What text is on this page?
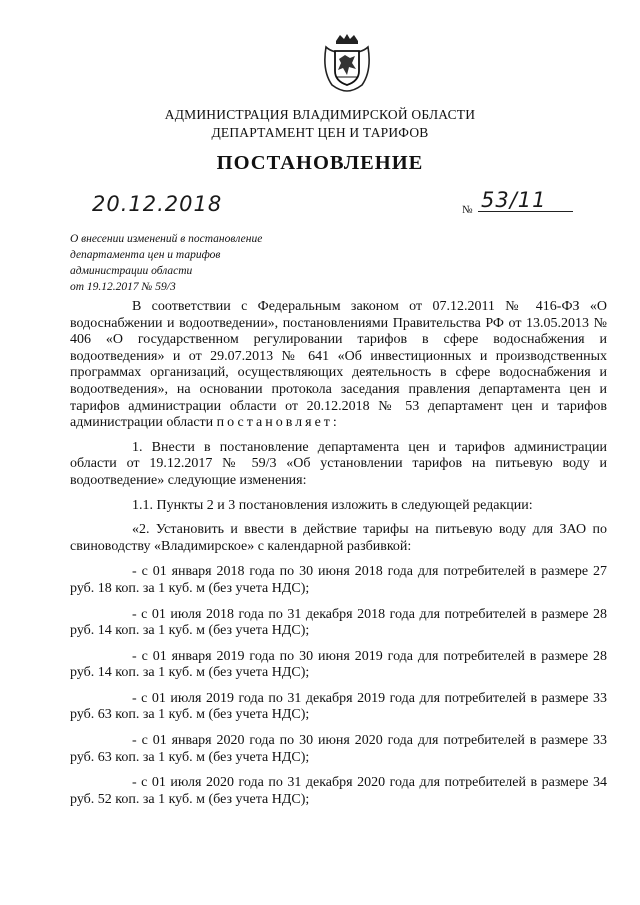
АДМИНИСТРАЦИЯ ВЛАДИМИРСКОЙ ОБЛАСТИ
ДЕПАРТАМЕНТ ЦЕН И ТАРИФОВ
ПОСТАНОВЛЕНИЕ
20.12.2018	№ 53/11
О внесении изменений в постановление
департамента цен и тарифов
администрации области
от 19.12.2017 № 59/3

В соответствии с Федеральным законом от 07.12.2011 № 416-ФЗ «О водоснабжении и водоотведении», постановлениями Правительства РФ от 13.05.2013 № 406 «О государственном регулировании тарифов в сфере водоснабжения и водоотведения» и от 29.07.2013 № 641 «Об инвестиционных и производственных программах организаций, осуществляющих деятельность в сфере водоснабжения и водоотведения», на основании протокола заседания правления департамента цен и тарифов администрации области от 20.12.2018 № 53 департамент цен и тарифов администрации области постановляет:

1. Внести в постановление департамента цен и тарифов администрации области от 19.12.2017 № 59/3 «Об установлении тарифов на питьевую воду и водоотведение» следующие изменения:

1.1. Пункты 2 и 3 постановления изложить в следующей редакции:

«2. Установить и ввести в действие тарифы на питьевую воду для ЗАО по свиноводству «Владимирское» с календарной разбивкой:

- с 01 января 2018 года по 30 июня 2018 года для потребителей в размере 27 руб. 18 коп. за 1 куб. м (без учета НДС);

- с 01 июля 2018 года по 31 декабря 2018 года для потребителей в размере 28 руб. 14 коп. за 1 куб. м (без учета НДС);

- с 01 января 2019 года по 30 июня 2019 года для потребителей в размере 28 руб. 14 коп. за 1 куб. м (без учета НДС);

- с 01 июля 2019 года по 31 декабря 2019 года для потребителей в размере 33 руб. 63 коп. за 1 куб. м (без учета НДС);

- с 01 января 2020 года по 30 июня 2020 года для потребителей в размере 33 руб. 63 коп. за 1 куб. м (без учета НДС);

- с 01 июля 2020 года по 31 декабря 2020 года для потребителей в размере 34 руб. 52 коп. за 1 куб. м (без учета НДС);
